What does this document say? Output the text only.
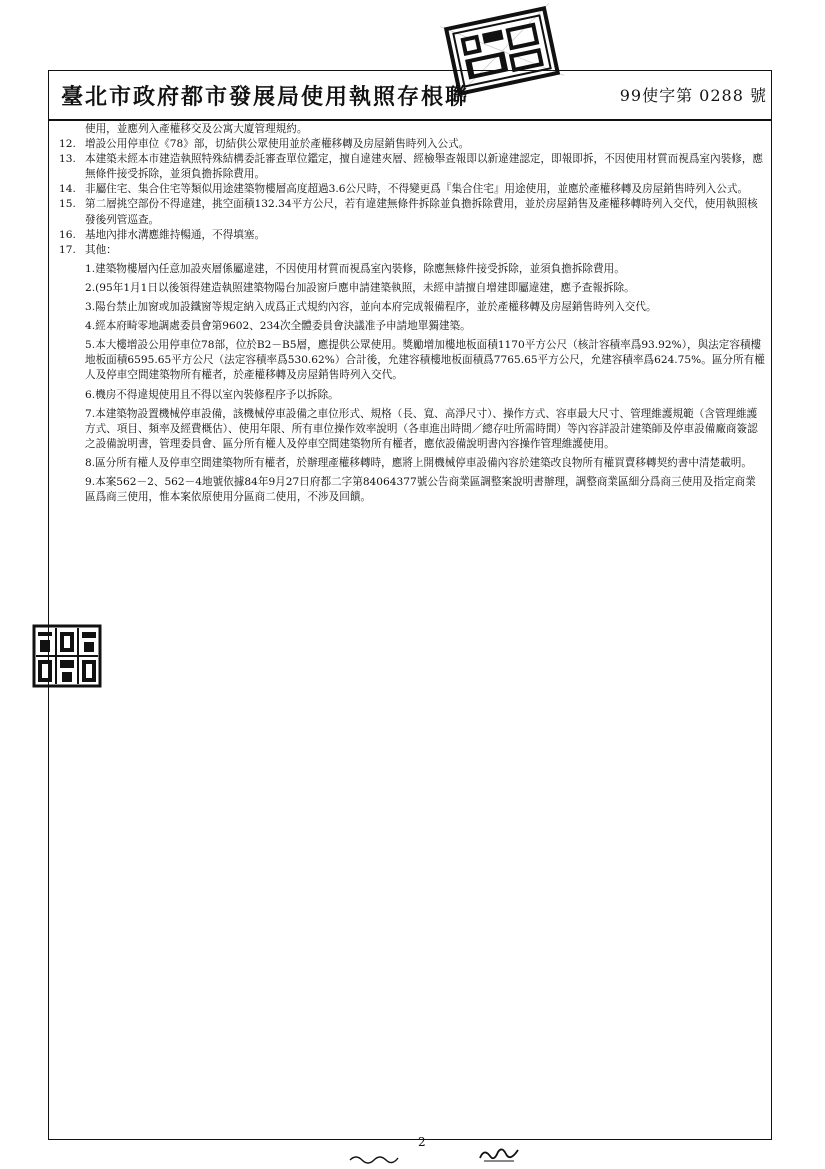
臺北市政府都市發展局使用執照存根聯	99使字第 0288 號
使用，並應列入產權移交及公寓大廈管理規約。
12. 增設公用停車位《78》部，切結供公眾使用並於產權移轉及房屋銷售時列入公式。
13. 本建築未經本市建造執照特殊結構委託審查單位鑑定，擅自違建夾層、經檢舉查報即以新違建認定，即報即拆，不因使用材質而視爲室內裝修，應無條件接受拆除，並須負擔拆除費用。
14. 非屬住宅、集合住宅等類似用途建築物樓層高度超過3.6公尺時，不得變更爲『集合住宅』用途使用，並應於產權移轉及房屋銷售時列入公式。
15. 第二層挑空部份不得違建，挑空面積132.34平方公尺，若有違建無條件拆除並負擔拆除費用，並於房屋銷售及產權移轉時列入交代，使用執照核發後列管巡查。
16. 基地內排水溝應維持暢通，不得填塞。
17. 其他：
1.建築物樓層內任意加設夾層係屬違建，不因使用材質而視爲室內裝修，除應無條件接受拆除，並須負擔拆除費用。
2.(95年1月1日以後領得建造執照建築物陽台加設窗戶應申請建築執照，未經申請擅自增建即屬違建，應予查報拆除。
3.陽台禁止加窗或加設鐵窗等規定納入成爲正式規約內容，並向本府完成報備程序，並於產權移轉及房屋銷售時列入交代。
4.經本府畸零地調處委員會第9602、234次全體委員會決議准予申請地單獨建築。
5.本大樓增設公用停車位78部，位於B2－B5層，應提供公眾使用。獎勵增加樓地板面積1170平方公尺（核計容積率爲93.92%），與法定容積樓地板面積6595.65平方公尺（法定容積率爲530.62%）合計後，允建容積樓地板面積爲7765.65平方公尺，允建容積率爲624.75%。區分所有權人及停車空間建築物所有權者，於產權移轉及房屋銷售時列入交代。
6.機房不得違規使用且不得以室內裝修程序予以拆除。
7.本建築物設置機械停車設備，該機械停車設備之車位形式、規格（長、寬、高淨尺寸）、操作方式、容車最大尺寸、管理維護規範（含管理維護方式、項目、頻率及經費概估）、使用年限、所有車位操作效率說明（各車進出時間／總存吐所需時間）等內容詳設計建築師及停車設備廠商簽認之設備說明書，管理委員會、區分所有權人及停車空間建築物所有權者，應依設備說明書內容操作管理維護使用。
8.區分所有權人及停車空間建築物所有權者，於辦理產權移轉時，應將上開機械停車設備內容於建築改良物所有權買賣移轉契約書中清楚載明。
9.本案562－2、562－4地號依據84年9月27日府都二字第84064377號公告商業區調整案說明書辦理，調整商業區細分爲商三使用及指定商業區爲商三使用，惟本案依原使用分區商二使用，不涉及回饋。
2
